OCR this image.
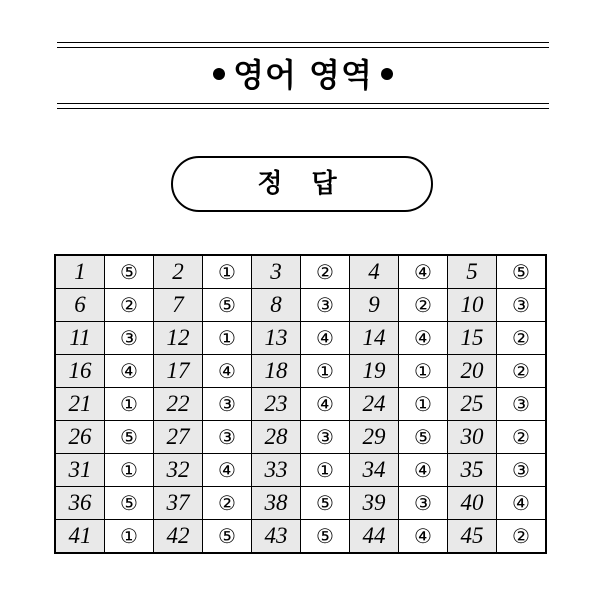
영어 영역
정 답
1	⑤	2	①	3	②	4	④	5	⑤
6	②	7	⑤	8	③	9	②	10	③
11	③	12	①	13	④	14	④	15	②
16	④	17	④	18	①	19	①	20	②
21	①	22	③	23	④	24	①	25	③
26	⑤	27	③	28	③	29	⑤	30	②
31	①	32	④	33	①	34	④	35	③
36	⑤	37	②	38	⑤	39	③	40	④
41	①	42	⑤	43	⑤	44	④	45	②
